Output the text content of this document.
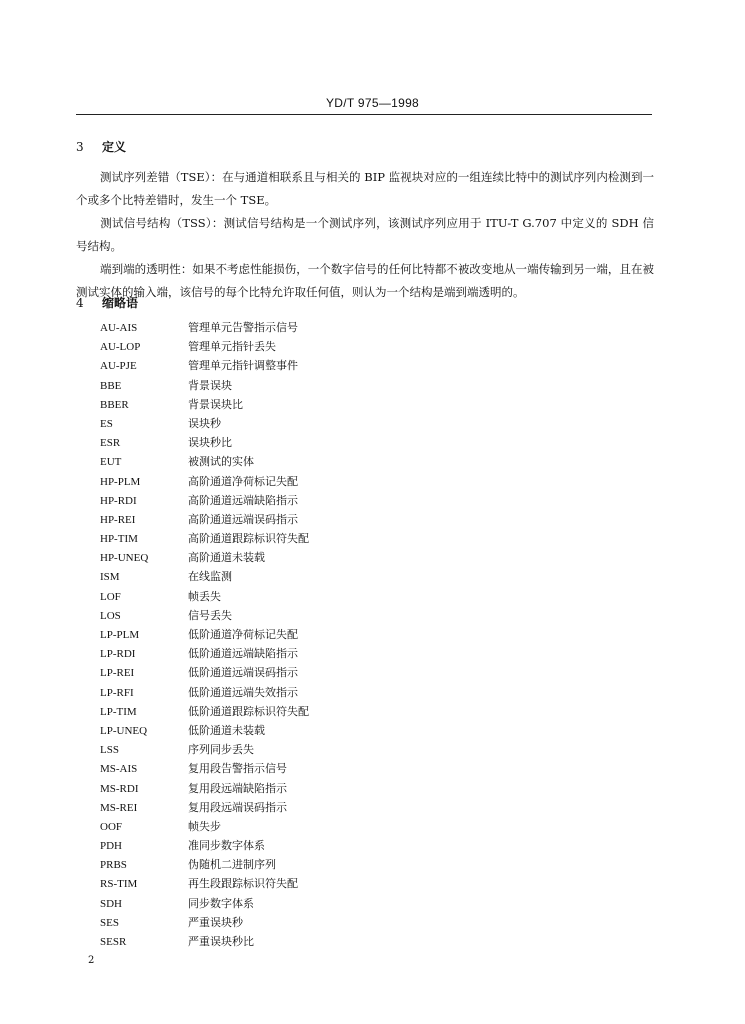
YD/T 975—1998
3 定义
测试序列差错（TSE）：在与通道相联系且与相关的 BIP 监视块对应的一组连续比特中的测试序列内检测到一个或多个比特差错时，发生一个 TSE。
测试信号结构（TSS）：测试信号结构是一个测试序列，该测试序列应用于 ITU-T G.707 中定义的 SDH 信号结构。
端到端的透明性：如果不考虑性能损伤，一个数字信号的任何比特都不被改变地从一端传输到另一端，且在被测试实体的输入端，该信号的每个比特允许取任何值，则认为一个结构是端到端透明的。
4 缩略语
AU-AIS	管理单元告警指示信号
AU-LOP	管理单元指针丢失
AU-PJE	管理单元指针调整事件
BBE	背景误块
BBER	背景误块比
ES	误块秒
ESR	误块秒比
EUT	被测试的实体
HP-PLM	高阶通道净荷标记失配
HP-RDI	高阶通道远端缺陷指示
HP-REI	高阶通道远端误码指示
HP-TIM	高阶通道跟踪标识符失配
HP-UNEQ	高阶通道未装载
ISM	在线监测
LOF	帧丢失
LOS	信号丢失
LP-PLM	低阶通道净荷标记失配
LP-RDI	低阶通道远端缺陷指示
LP-REI	低阶通道远端误码指示
LP-RFI	低阶通道远端失效指示
LP-TIM	低阶通道跟踪标识符失配
LP-UNEQ	低阶通道未装载
LSS	序列同步丢失
MS-AIS	复用段告警指示信号
MS-RDI	复用段远端缺陷指示
MS-REI	复用段远端误码指示
OOF	帧失步
PDH	准同步数字体系
PRBS	伪随机二进制序列
RS-TIM	再生段跟踪标识符失配
SDH	同步数字体系
SES	严重误块秒
SESR	严重误块秒比
2
